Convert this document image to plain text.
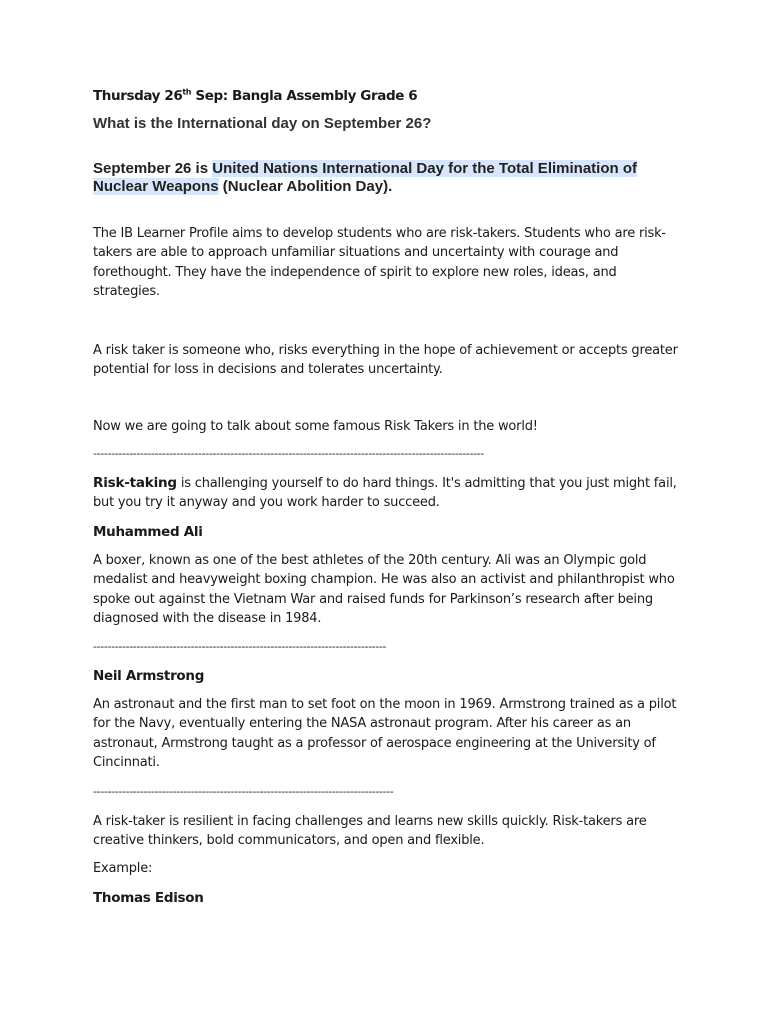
Thursday 26th Sep: Bangla Assembly Grade 6

What is the International day on September 26?

September 26 is United Nations International Day for the Total Elimination of Nuclear Weapons (Nuclear Abolition Day).

The IB Learner Profile aims to develop students who are risk-takers. Students who are risk-takers are able to approach unfamiliar situations and uncertainty with courage and forethought. They have the independence of spirit to explore new roles, ideas, and strategies.

A risk taker is someone who, risks everything in the hope of achievement or accepts greater potential for loss in decisions and tolerates uncertainty.

Now we are going to talk about some famous Risk Takers in the world!

------------------------------------------------------------------------------------------------------------

Risk-taking is challenging yourself to do hard things. It's admitting that you just might fail, but you try it anyway and you work harder to succeed.

Muhammed Ali

A boxer, known as one of the best athletes of the 20th century. Ali was an Olympic gold medalist and heavyweight boxing champion. He was also an activist and philanthropist who spoke out against the Vietnam War and raised funds for Parkinson’s research after being diagnosed with the disease in 1984.

---------------------------------------------------------------------------------

Neil Armstrong

An astronaut and the first man to set foot on the moon in 1969. Armstrong trained as a pilot for the Navy, eventually entering the NASA astronaut program. After his career as an astronaut, Armstrong taught as a professor of aerospace engineering at the University of Cincinnati.

-----------------------------------------------------------------------------------

A risk-taker is resilient in facing challenges and learns new skills quickly. Risk-takers are creative thinkers, bold communicators, and open and flexible.

Example:

Thomas Edison
